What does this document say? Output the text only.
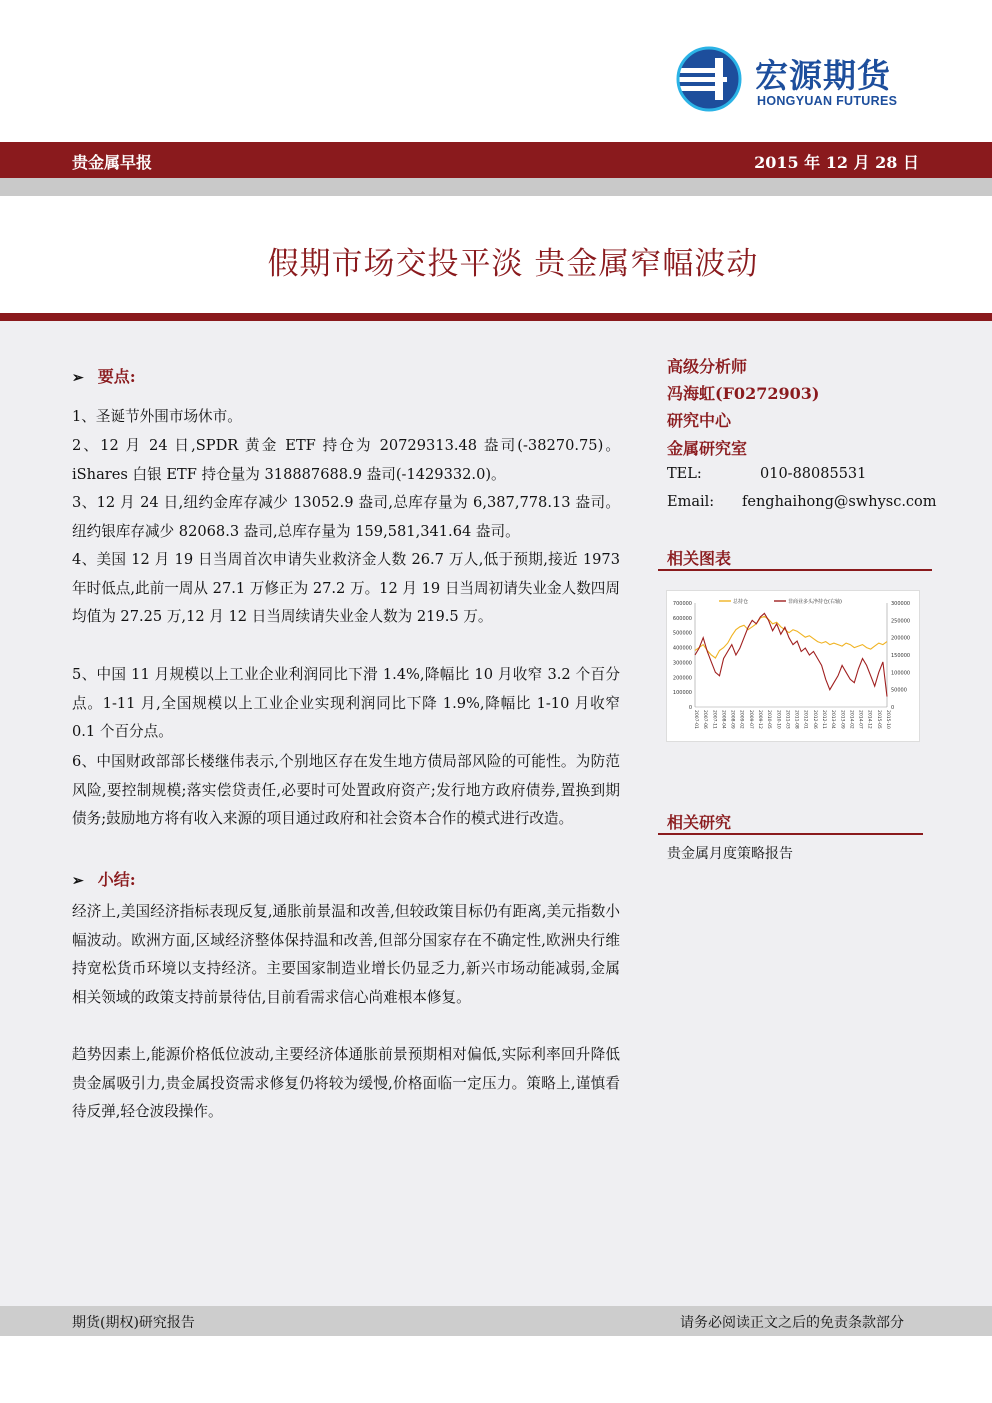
宏源期货
HONGYUAN FUTURES
贵金属早报	2015 年 12 月 28 日
假期市场交投平淡 贵金属窄幅波动
➢ 要点:
1、圣诞节外围市场休市。
2、12 月 24 日,SPDR 黄金 ETF 持仓为 20729313.48 盎司(-38270.75)。iShares 白银 ETF 持仓量为 318887688.9 盎司(-1429332.0)。
3、12 月 24 日,纽约金库存减少 13052.9 盎司,总库存量为 6,387,778.13 盎司。纽约银库存减少 82068.3 盎司,总库存量为 159,581,341.64 盎司。
4、美国 12 月 19 日当周首次申请失业救济金人数 26.7 万人,低于预期,接近 1973 年时低点,此前一周从 27.1 万修正为 27.2 万。12 月 19 日当周初请失业金人数四周均值为 27.25 万,12 月 12 日当周续请失业金人数为 219.5 万。
5、中国 11 月规模以上工业企业利润同比下滑 1.4%,降幅比 10 月收窄 3.2 个百分点。1-11 月,全国规模以上工业企业实现利润同比下降 1.9%,降幅比 1-10 月收窄 0.1 个百分点。
6、中国财政部部长楼继伟表示,个别地区存在发生地方债局部风险的可能性。为防范风险,要控制规模;落实偿贷责任,必要时可处置政府资产;发行地方政府债券,置换到期债务;鼓励地方将有收入来源的项目通过政府和社会资本合作的模式进行改造。
➢ 小结:
经济上,美国经济指标表现反复,通胀前景温和改善,但较政策目标仍有距离,美元指数小幅波动。欧洲方面,区域经济整体保持温和改善,但部分国家存在不确定性,欧洲央行维持宽松货币环境以支持经济。主要国家制造业增长仍显乏力,新兴市场动能减弱,金属相关领域的政策支持前景待估,目前看需求信心尚难根本修复。
趋势因素上,能源价格低位波动,主要经济体通胀前景预期相对偏低,实际利率回升降低贵金属吸引力,贵金属投资需求修复仍将较为缓慢,价格面临一定压力。策略上,谨慎看待反弹,轻仓波段操作。
高级分析师
冯海虹(F0272903)
研究中心
金属研究室
TEL:	010-88085531
Email: fenghaihong@swhysc.com
相关图表
700000
600000
500000
400000
300000
200000
100000
0
300000
250000
200000
150000
100000
50000
0
2007-01 2007-06 2007-11 2008-04 2008-09 2009-02 2009-07 2009-12 2010-05 2010-10 2011-03 2011-08 2012-01 2012-06 2012-11 2013-04 2013-09 2014-02 2014-07 2014-12 2015-05 2015-10
总持仓	非商业多头净持仓(右轴)
相关研究
贵金属月度策略报告
期货(期权)研究报告	请务必阅读正文之后的免责条款部分
